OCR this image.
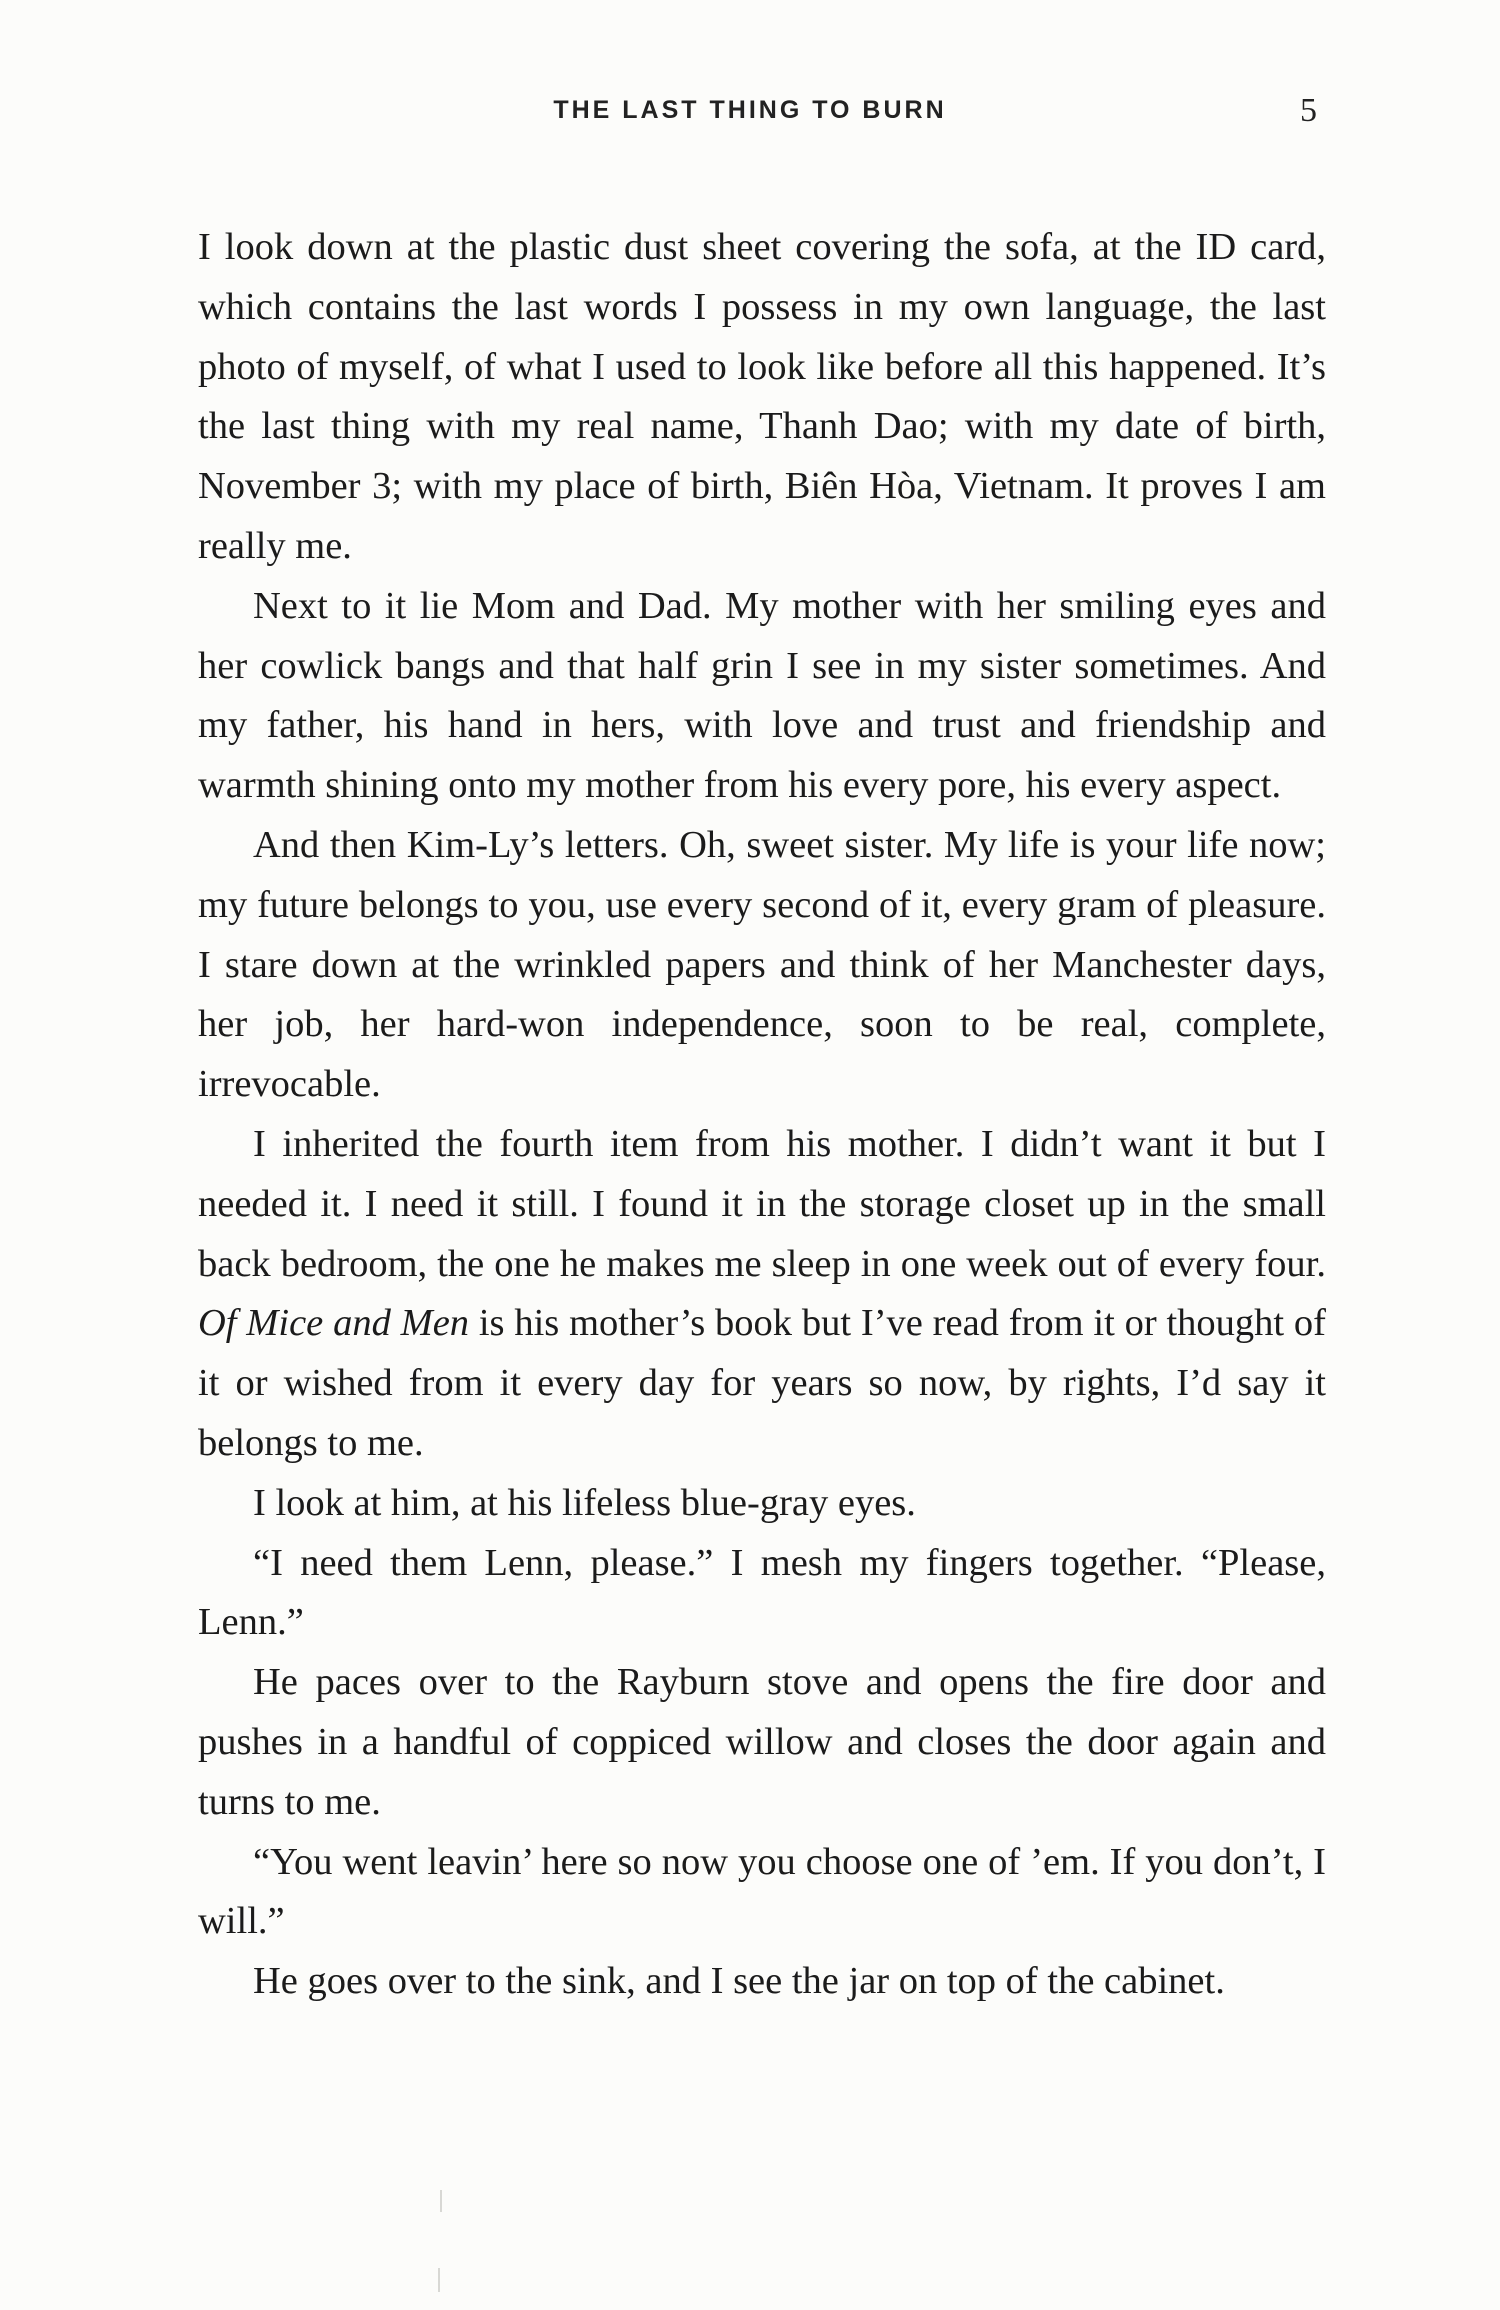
THE LAST THING TO BURN	5

I look down at the plastic dust sheet covering the sofa, at the ID card, which contains the last words I possess in my own language, the last photo of myself, of what I used to look like before all this happened. It’s the last thing with my real name, Thanh Dao; with my date of birth, November 3; with my place of birth, Biên Hòa, Vietnam. It proves I am really me.

Next to it lie Mom and Dad. My mother with her smiling eyes and her cowlick bangs and that half grin I see in my sister sometimes. And my father, his hand in hers, with love and trust and friendship and warmth shining onto my mother from his every pore, his every aspect.

And then Kim-Ly’s letters. Oh, sweet sister. My life is your life now; my future belongs to you, use every second of it, every gram of pleasure. I stare down at the wrinkled papers and think of her Manchester days, her job, her hard-won independence, soon to be real, complete, irrevocable.

I inherited the fourth item from his mother. I didn’t want it but I needed it. I need it still. I found it in the storage closet up in the small back bedroom, the one he makes me sleep in one week out of every four. Of Mice and Men is his mother’s book but I’ve read from it or thought of it or wished from it every day for years so now, by rights, I’d say it belongs to me.

I look at him, at his lifeless blue-gray eyes.

“I need them Lenn, please.” I mesh my fingers together. “Please, Lenn.”

He paces over to the Rayburn stove and opens the fire door and pushes in a handful of coppiced willow and closes the door again and turns to me.

“You went leavin’ here so now you choose one of ’em. If you don’t, I will.”

He goes over to the sink, and I see the jar on top of the cabinet.
